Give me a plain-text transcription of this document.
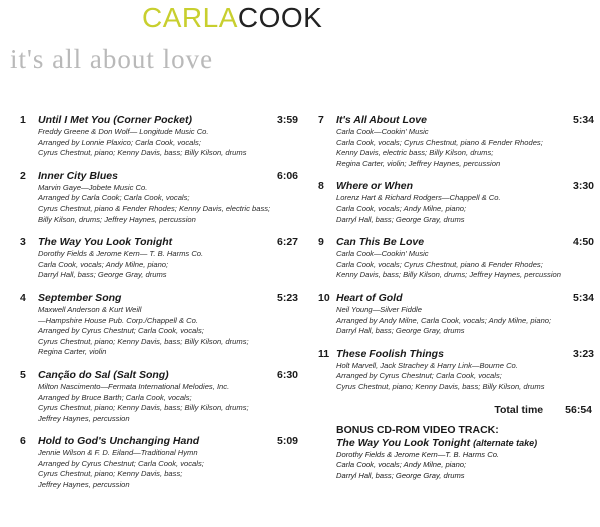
CARLACOOK
it's all about love
1	Until I Met You (Corner Pocket)	3:59
Freddy Greene & Don Wolf— Longitude Music Co.
Arranged by Lonnie Plaxico; Carla Cook, vocals;
Cyrus Chestnut, piano; Kenny Davis, bass; Billy Kilson, drums
2	Inner City Blues	6:06
Marvin Gaye—Jobete Music Co.
Arranged by Carla Cook; Carla Cook, vocals;
Cyrus Chestnut, piano & Fender Rhodes; Kenny Davis, electric bass;
Billy Kilson, drums; Jeffrey Haynes, percussion
3	The Way You Look Tonight	6:27
Dorothy Fields & Jerome Kern— T. B. Harms Co.
Carla Cook, vocals; Andy Milne, piano;
Darryl Hall, bass; George Gray, drums
4	September Song	5:23
Maxwell Anderson & Kurt Weill
—Hampshire House Pub. Corp./Chappell & Co.
Arranged by Cyrus Chestnut; Carla Cook, vocals;
Cyrus Chestnut, piano; Kenny Davis, bass; Billy Kilson, drums;
Regina Carter, violin
5	Canção do Sal (Salt Song)	6:30
Milton Nascimento—Fermata International Melodies, Inc.
Arranged by Bruce Barth; Carla Cook, vocals;
Cyrus Chestnut, piano; Kenny Davis, bass; Billy Kilson, drums;
Jeffrey Haynes, percussion
6	Hold to God's Unchanging Hand	5:09
Jennie Wilson & F. D. Eiland—Traditional Hymn
Arranged by Cyrus Chestnut; Carla Cook, vocals;
Cyrus Chestnut, piano; Kenny Davis, bass;
Jeffrey Haynes, percussion
7	It's All About Love	5:34
Carla Cook—Cookin' Music
Carla Cook, vocals; Cyrus Chestnut, piano & Fender Rhodes;
Kenny Davis, electric bass; Billy Kilson, drums;
Regina Carter, violin; Jeffrey Haynes, percussion
8	Where or When	3:30
Lorenz Hart & Richard Rodgers—Chappell & Co.
Carla Cook, vocals; Andy Milne, piano;
Darryl Hall, bass; George Gray, drums
9	Can This Be Love	4:50
Carla Cook—Cookin' Music
Carla Cook, vocals; Cyrus Chestnut, piano & Fender Rhodes;
Kenny Davis, bass; Billy Kilson, drums; Jeffrey Haynes, percussion
10 Heart of Gold	5:34
Neil Young—Silver Fiddle
Arranged by Andy Milne, Carla Cook, vocals; Andy Milne, piano;
Darryl Hall, bass; George Gray, drums
11 These Foolish Things	3:23
Holt Marvell, Jack Strachey & Harry Link—Bourne Co.
Arranged by Cyrus Chestnut; Carla Cook, vocals;
Cyrus Chestnut, piano; Kenny Davis, bass; Billy Kilson, drums
Total time 56:54
BONUS CD-ROM VIDEO TRACK:
The Way You Look Tonight (alternate take)
Dorothy Fields & Jerome Kern—T. B. Harms Co.
Carla Cook, vocals; Andy Milne, piano;
Darryl Hall, bass; George Gray, drums
